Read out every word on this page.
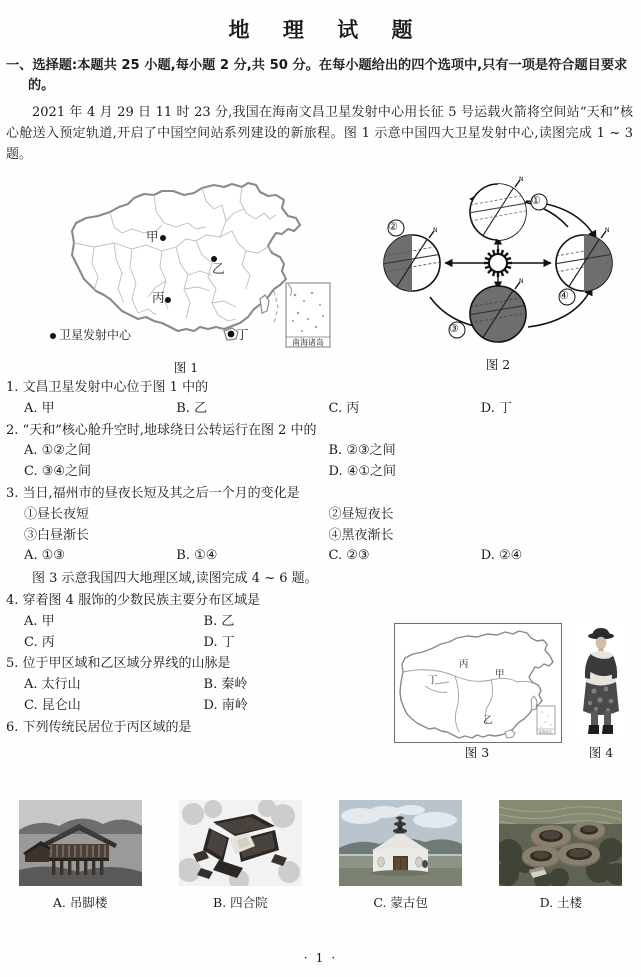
地 理 试 题
一、选择题:本题共 25 小题,每小题 2 分,共 50 分。在每小题给出的四个选项中,只有一项是符合题目要求
的。
2021 年 4 月 29 日 11 时 23 分,我国在海南文昌卫星发射中心用长征 5 号运载火箭将空间站“天和”核心舱送入预定轨道,开启了中国空间站系列建设的新旅程。图 1 示意中国四大卫星发射中心,读图完成 1 ~ 3 题。
甲
乙
丙
丁
卫星发射中心
南海诸岛
图 1
N
N
N
N
①
②
③
④
图 2
1. 文昌卫星发射中心位于图 1 中的
A. 甲	B. 乙	C. 丙	D. 丁
2. “天和”核心舱升空时,地球绕日公转运行在图 2 中的
A. ①②之间	B. ②③之间
C. ③④之间	D. ④①之间
3. 当日,福州市的昼夜长短及其之后一个月的变化是
①昼长夜短	②昼短夜长
③白昼渐长	④黑夜渐长
A. ①③	B. ①④	C. ②③	D. ②④
图 3 示意我国四大地理区域,读图完成 4 ~ 6 题。
4. 穿着图 4 服饰的少数民族主要分布区域是
A. 甲	B. 乙
C. 丙	D. 丁
5. 位于甲区域和乙区域分界线的山脉是
A. 太行山	B. 秦岭
C. 昆仑山	D. 南岭
6. 下列传统民居位于丙区域的是	南海诸岛
甲
乙
丙
丁
图 3	图 4
A. 吊脚楼	B. 四合院	C. 蒙古包	D. 土楼
· 1 ·
